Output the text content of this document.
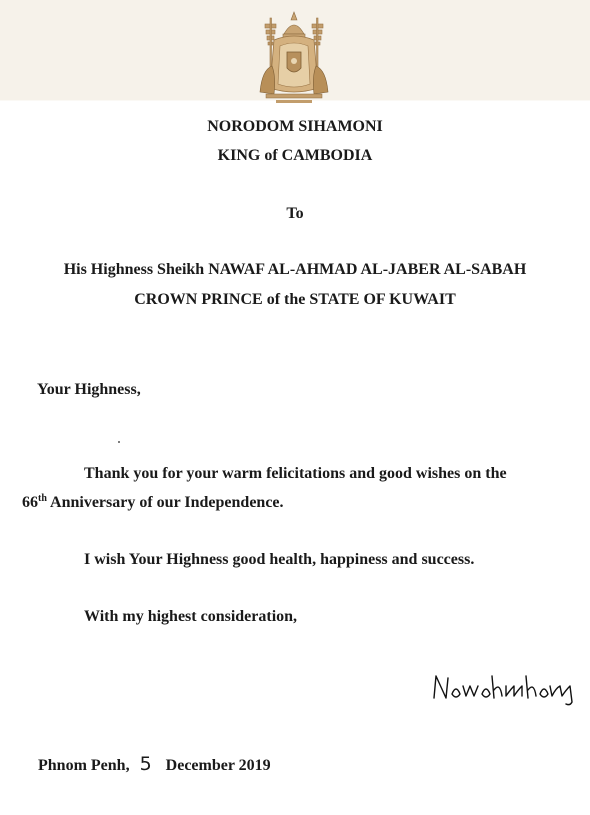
NORODOM SIHAMONI
KING of CAMBODIA
To
His Highness Sheikh NAWAF AL-AHMAD AL-JABER AL-SABAH
CROWN PRINCE of the STATE OF KUWAIT
Your Highness,
Thank you for your warm felicitations and good wishes on the
66th Anniversary of our Independence.
I wish Your Highness good health, happiness and success.
With my highest consideration,
Phnom Penh, 5 December 2019
